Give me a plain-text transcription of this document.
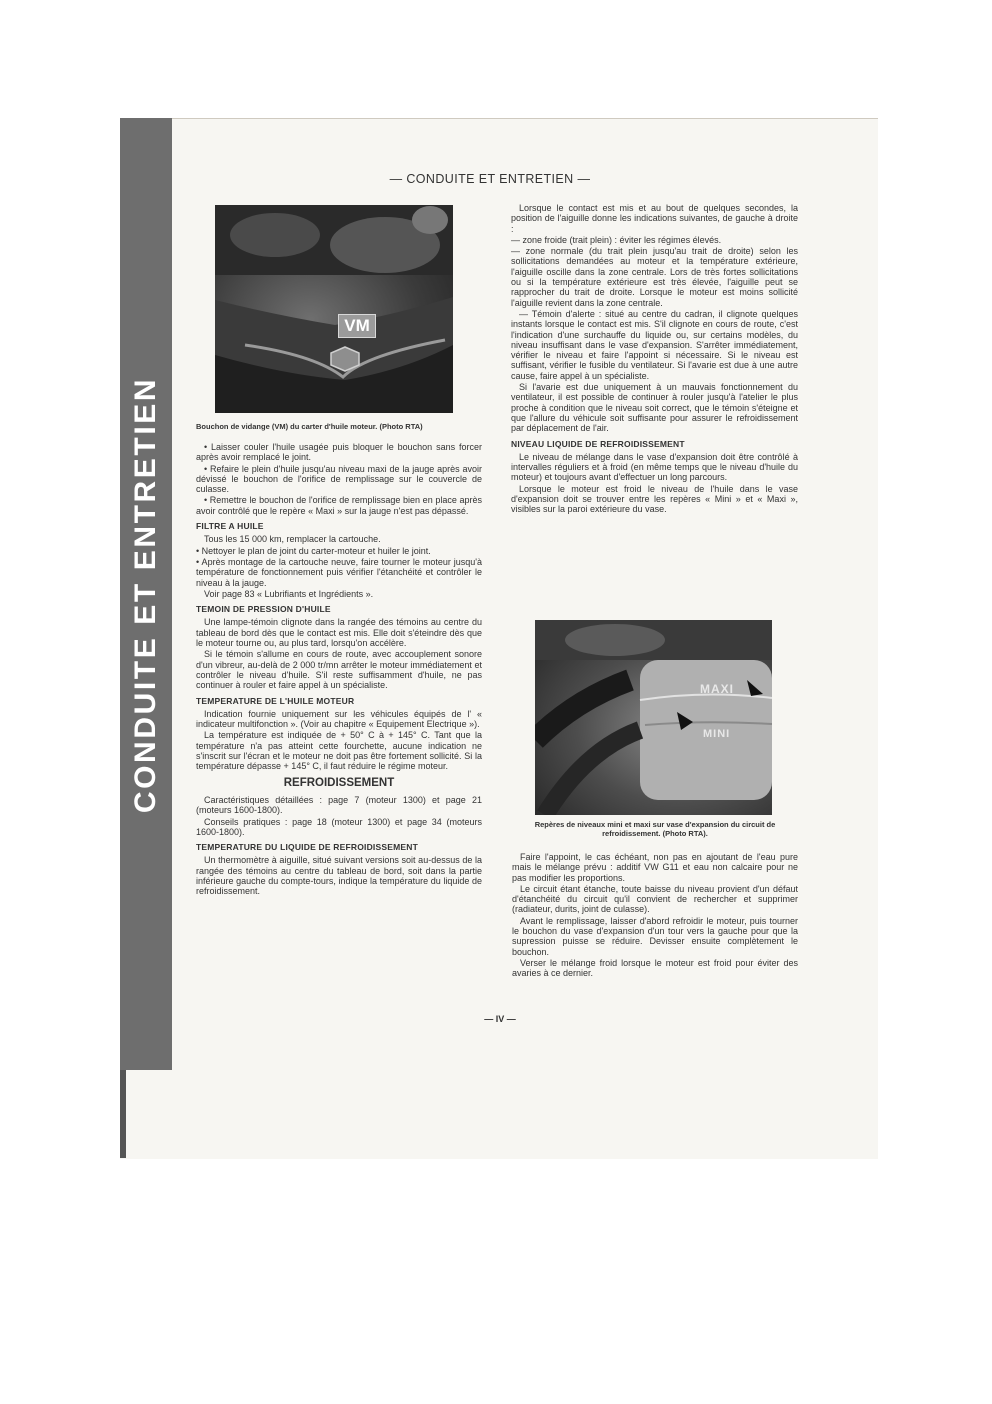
CONDUITE ET ENTRETIEN
— CONDUITE ET ENTRETIEN —
VM
Bouchon de vidange (VM) du carter d'huile moteur. (Photo RTA)

• Laisser couler l'huile usagée puis bloquer le bouchon sans forcer après avoir remplacé le joint.

• Refaire le plein d'huile jusqu'au niveau maxi de la jauge après avoir dévissé le bouchon de l'orifice de remplissage sur le couvercle de culasse.

• Remettre le bouchon de l'orifice de remplissage bien en place après avoir contrôlé que le repère « Maxi » sur la jauge n'est pas dépassé.

FILTRE A HUILE

Tous les 15 000 km, remplacer la cartouche.

• Nettoyer le plan de joint du carter-moteur et huiler le joint.

• Après montage de la cartouche neuve, faire tourner le moteur jusqu'à température de fonctionnement puis vérifier l'étanchéité et contrôler le niveau à la jauge.

Voir page 83 « Lubrifiants et Ingrédients ».

TEMOIN DE PRESSION D'HUILE

Une lampe-témoin clignote dans la rangée des témoins au centre du tableau de bord dès que le contact est mis. Elle doit s'éteindre dès que le moteur tourne ou, au plus tard, lorsqu'on accélère.

Si le témoin s'allume en cours de route, avec accouplement sonore d'un vibreur, au-delà de 2 000 tr/mn arrêter le moteur immédiatement et contrôler le niveau d'huile. S'il reste suffisamment d'huile, ne pas continuer à rouler et faire appel à un spécialiste.

TEMPERATURE DE L'HUILE MOTEUR

Indication fournie uniquement sur les véhicules équipés de l' « indicateur multifonction ». (Voir au chapitre « Equipement Electrique »).

La température est indiquée de + 50° C à + 145° C. Tant que la température n'a pas atteint cette fourchette, aucune indication ne s'inscrit sur l'écran et le moteur ne doit pas être fortement sollicité. Si la température dépasse + 145° C, il faut réduire le régime moteur.

REFROIDISSEMENT

Caractéristiques détaillées : page 7 (moteur 1300) et page 21 (moteurs 1600-1800).

Conseils pratiques : page 18 (moteur 1300) et page 34 (moteurs 1600-1800).

TEMPERATURE DU LIQUIDE DE REFROIDISSEMENT

Un thermomètre à aiguille, situé suivant versions soit au-dessus de la rangée des témoins au centre du tableau de bord, soit dans la partie inférieure gauche du compte-tours, indique la température du liquide de refroidissement.

Lorsque le contact est mis et au bout de quelques secondes, la position de l'aiguille donne les indications suivantes, de gauche à droite :

— zone froide (trait plein) : éviter les régimes élevés.

— zone normale (du trait plein jusqu'au trait de droite) selon les sollicitations demandées au moteur et la température extérieure, l'aiguille oscille dans la zone centrale. Lors de très fortes sollicitations ou si la température extérieure est très élevée, l'aiguille peut se rapprocher du trait de droite. Lorsque le moteur est moins sollicité l'aiguille revient dans la zone centrale.

— Témoin d'alerte : situé au centre du cadran, il clignote quelques instants lorsque le contact est mis. S'il clignote en cours de route, c'est l'indication d'une surchauffe du liquide ou, sur certains modèles, du niveau insuffisant dans le vase d'expansion. S'arrêter immédiatement, vérifier le niveau et faire l'appoint si nécessaire. Si le niveau est suffisant, vérifier le fusible du ventilateur. Si l'avarie est due à une autre cause, faire appel à un spécialiste.

Si l'avarie est due uniquement à un mauvais fonctionnement du ventilateur, il est possible de continuer à rouler jusqu'à l'atelier le plus proche à condition que le niveau soit correct, que le témoin s'éteigne et que l'allure du véhicule soit suffisante pour assurer le refroidissement par déplacement de l'air.

NIVEAU LIQUIDE DE REFROIDISSEMENT

Le niveau de mélange dans le vase d'expansion doit être contrôlé à intervalles réguliers et à froid (en même temps que le niveau d'huile du moteur) et toujours avant d'effectuer un long parcours.

Lorsque le moteur est froid le niveau de l'huile dans le vase d'expansion doit se trouver entre les repères « Mini » et « Maxi », visibles sur la paroi extérieure du vase.

MAXI
MINI
Repères de niveaux mini et maxi sur vase d'expansion du circuit de refroidissement. (Photo RTA).

Faire l'appoint, le cas échéant, non pas en ajoutant de l'eau pure mais le mélange prévu : additif VW G11 et eau non calcaire pour ne pas modifier les proportions.

Le circuit étant étanche, toute baisse du niveau provient d'un défaut d'étanchéité du circuit qu'il convient de rechercher et supprimer (radiateur, durits, joint de culasse).

Avant le remplissage, laisser d'abord refroidir le moteur, puis tourner le bouchon du vase d'expansion d'un tour vers la gauche pour que la supression puisse se réduire. Devisser ensuite complètement le bouchon.

Verser le mélange froid lorsque le moteur est froid pour éviter des avaries à ce dernier.

— IV —
